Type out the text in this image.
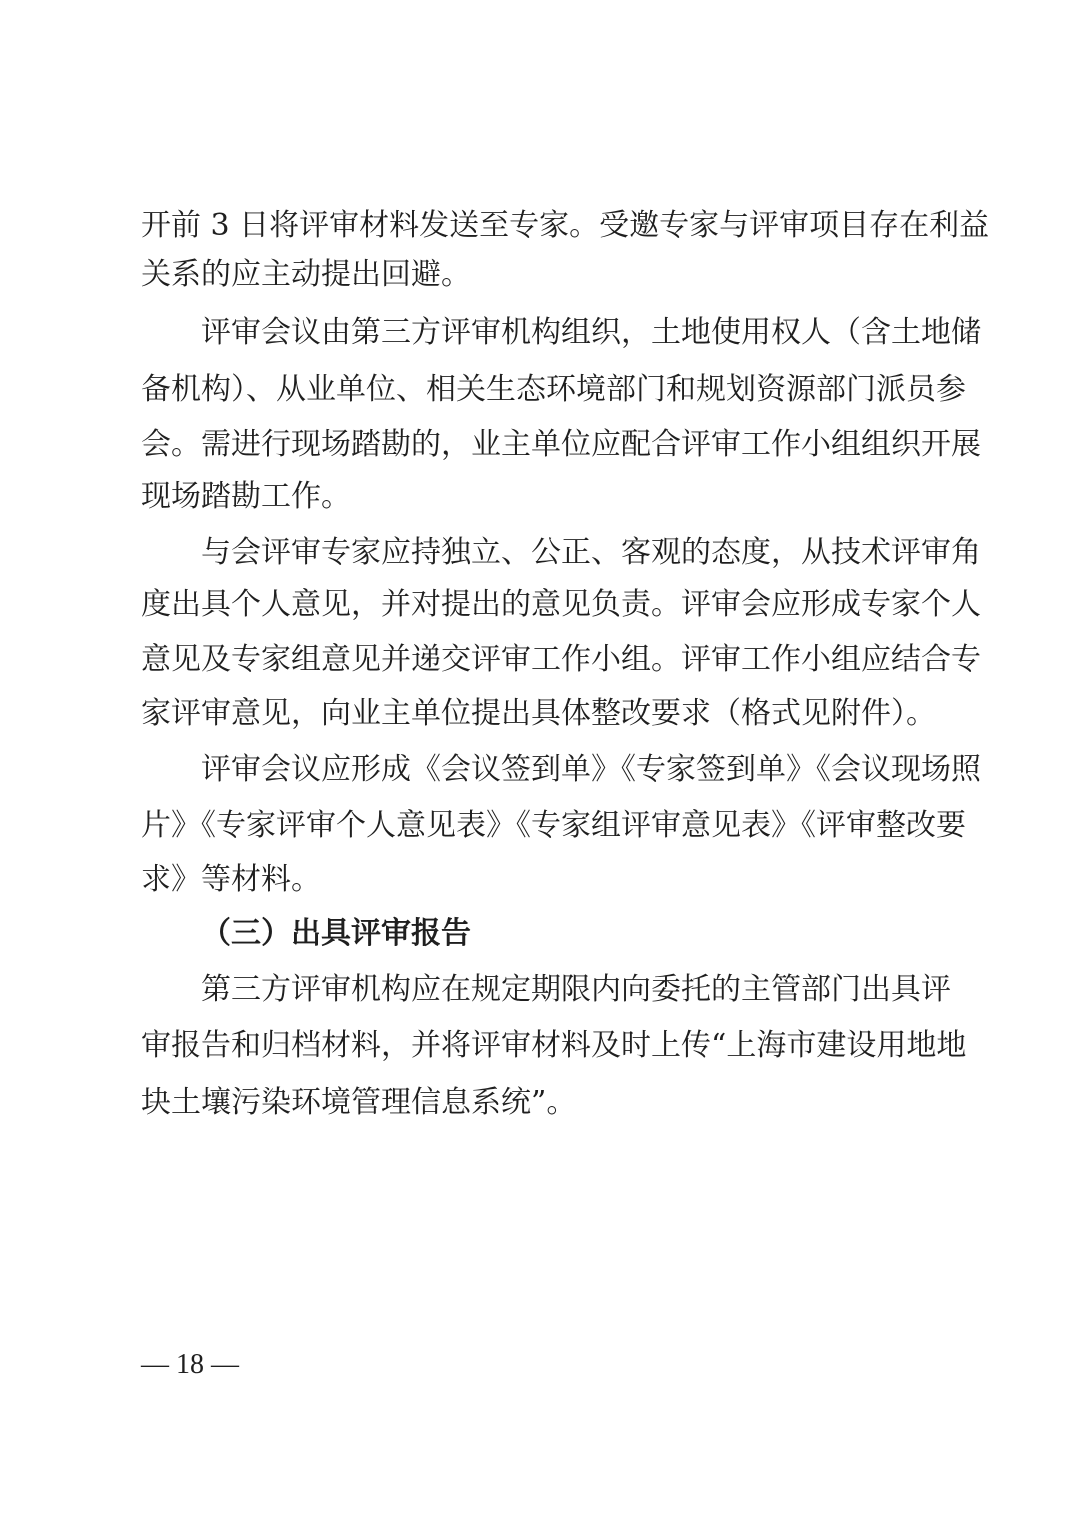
开前 3 日将评审材料发送至专家。受邀专家与评审项目存在利益
关系的应主动提出回避。
评审会议由第三方评审机构组织，土地使用权人（含土地储
备机构）、从业单位、相关生态环境部门和规划资源部门派员参
会。需进行现场踏勘的，业主单位应配合评审工作小组组织开展
现场踏勘工作。
与会评审专家应持独立、公正、客观的态度，从技术评审角
度出具个人意见，并对提出的意见负责。评审会应形成专家个人
意见及专家组意见并递交评审工作小组。评审工作小组应结合专
家评审意见，向业主单位提出具体整改要求（格式见附件）。
评审会议应形成《会议签到单》《专家签到单》《会议现场照
片》《专家评审个人意见表》《专家组评审意见表》《评审整改要
求》等材料。
（三）出具评审报告
第三方评审机构应在规定期限内向委托的主管部门出具评
审报告和归档材料，并将评审材料及时上传“上海市建设用地地
块土壤污染环境管理信息系统”。
— 18 —
